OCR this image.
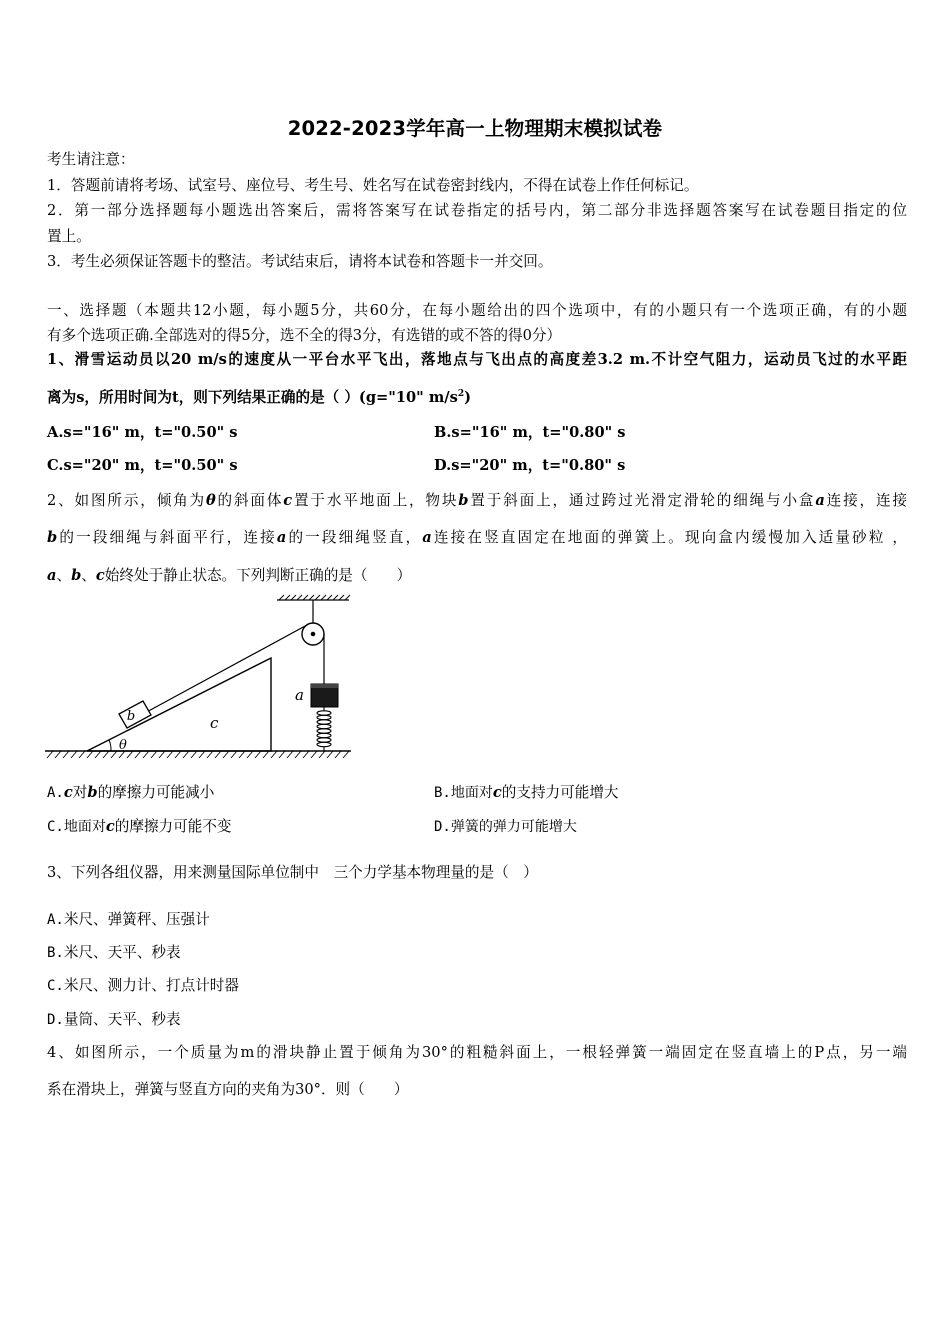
2022-2023学年高一上物理期末模拟试卷
考生请注意：
1．答题前请将考场、试室号、座位号、考生号、姓名写在试卷密封线内，不得在试卷上作任何标记。
2．第一部分选择题每小题选出答案后，需将答案写在试卷指定的括号内，第二部分非选择题答案写在试卷题目指定的位
置上。
3．考生必须保证答题卡的整洁。考试结束后，请将本试卷和答题卡一并交回。
一、选择题（本题共12小题，每小题5分，共60分，在每小题给出的四个选项中，有的小题只有一个选项正确，有的小题
有多个选项正确.全部选对的得5分，选不全的得3分，有选错的或不答的得0分）
1、滑雪运动员以20 m/s的速度从一平台水平飞出，落地点与飞出点的高度差3.2 m.不计空气阻力，运动员飞过的水平距
离为s，所用时间为t，则下列结果正确的是（ ）(g="10" $m/s^2$)
A.s="16" m，t="0.50" s	B.s="16" m，t="0.80" s
C.s="20" m，t="0.50" s	D.s="20" m，t="0.80" s
2、如图所示，倾角为θ的斜面体c置于水平地面上，物块b置于斜面上，通过跨过光滑定滑轮的细绳与小盒a连接，连接
b的一段细绳与斜面平行，连接a的一段细绳竖直，a连接在竖直固定在地面的弹簧上。现向盒内缓慢加入适量砂粒 ，
a、b、c始终处于静止状态。下列判断正确的是（　　）
b	c
θ
a
A.c对b的摩擦力可能减小	B.地面对c的支持力可能增大
C.地面对c的摩擦力可能不变	D.弹簧的弹力可能增大
3、下列各组仪器，用来测量国际单位制中　三个力学基本物理量的是（　）
A.米尺、弹簧秤、压强计
B.米尺、天平、秒表
C.米尺、测力计、打点计时器
D.量筒、天平、秒表
4、如图所示，一个质量为m的滑块静止置于倾角为30°的粗糙斜面上，一根轻弹簧一端固定在竖直墙上的P点，另一端
系在滑块上，弹簧与竖直方向的夹角为30°．则（　　）
